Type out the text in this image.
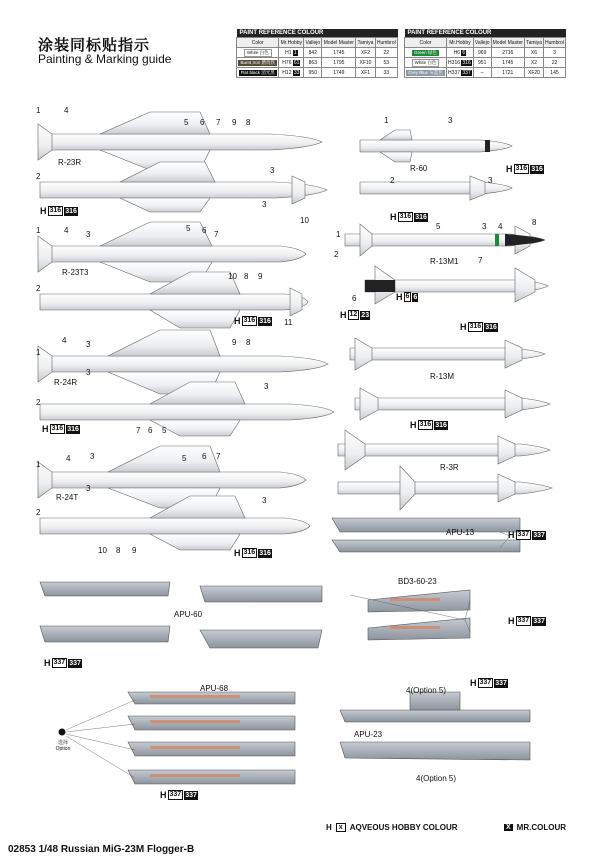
涂装同标贴指示
Painting & Marking guide
PAINT REFERENCE COLOUR					
Color	Mr.Hobby	Vallejo	Model Master	Tamiya	Humbrol
White 白色	H1 1	842	1745	XF2	22
Burnt Iron 燃烧铁	H76 61	863	1795	XF10	53
Flat black 消光黑	H12 33	950	1749	XF1	33
PAINT REFERENCE COLOUR					
Color	Mr.Hobby	Vallejo	Model Master	Tamiya	Humbrol
Green 绿色	H6 6	969	2716	X6	3
White 白色	H316 316	951	1745	X2	22
Grey Blue 灰蓝色	H337 337	--	1721	XF20	145
R-23R
R-23T
R-24R
R-24T
R-60
R-13M1
R-13M
R-3R
APU-13
APU-60
BD3-60-23
APU-68
APU-23
1	4
5 6 7 9 8
2
3
3
10
1	4 3
5 6 7
3	10 8 9
2
11
4 3	9 8
1
3
3
2
7 6 5
3
1
4	5 6 7
3
3
2
10 8 9
1	3
2	3
5	3 4	8
1
2
7
6
H 316 316
H 316 316
H 316 316
H 316 316
H 316 316
H 316 316
H 316 316
H 316 316
H 6 6
H 12 23
H 337 337
H 337 337
H 337 337
H 337 337
H 337 337
4(Option 5)
4(Option 5)
选择
Option
H	x AQVEOUS HOBBY COLOUR	X MR.COLOUR
02853 1/48 Russian MiG-23M Flogger-B
